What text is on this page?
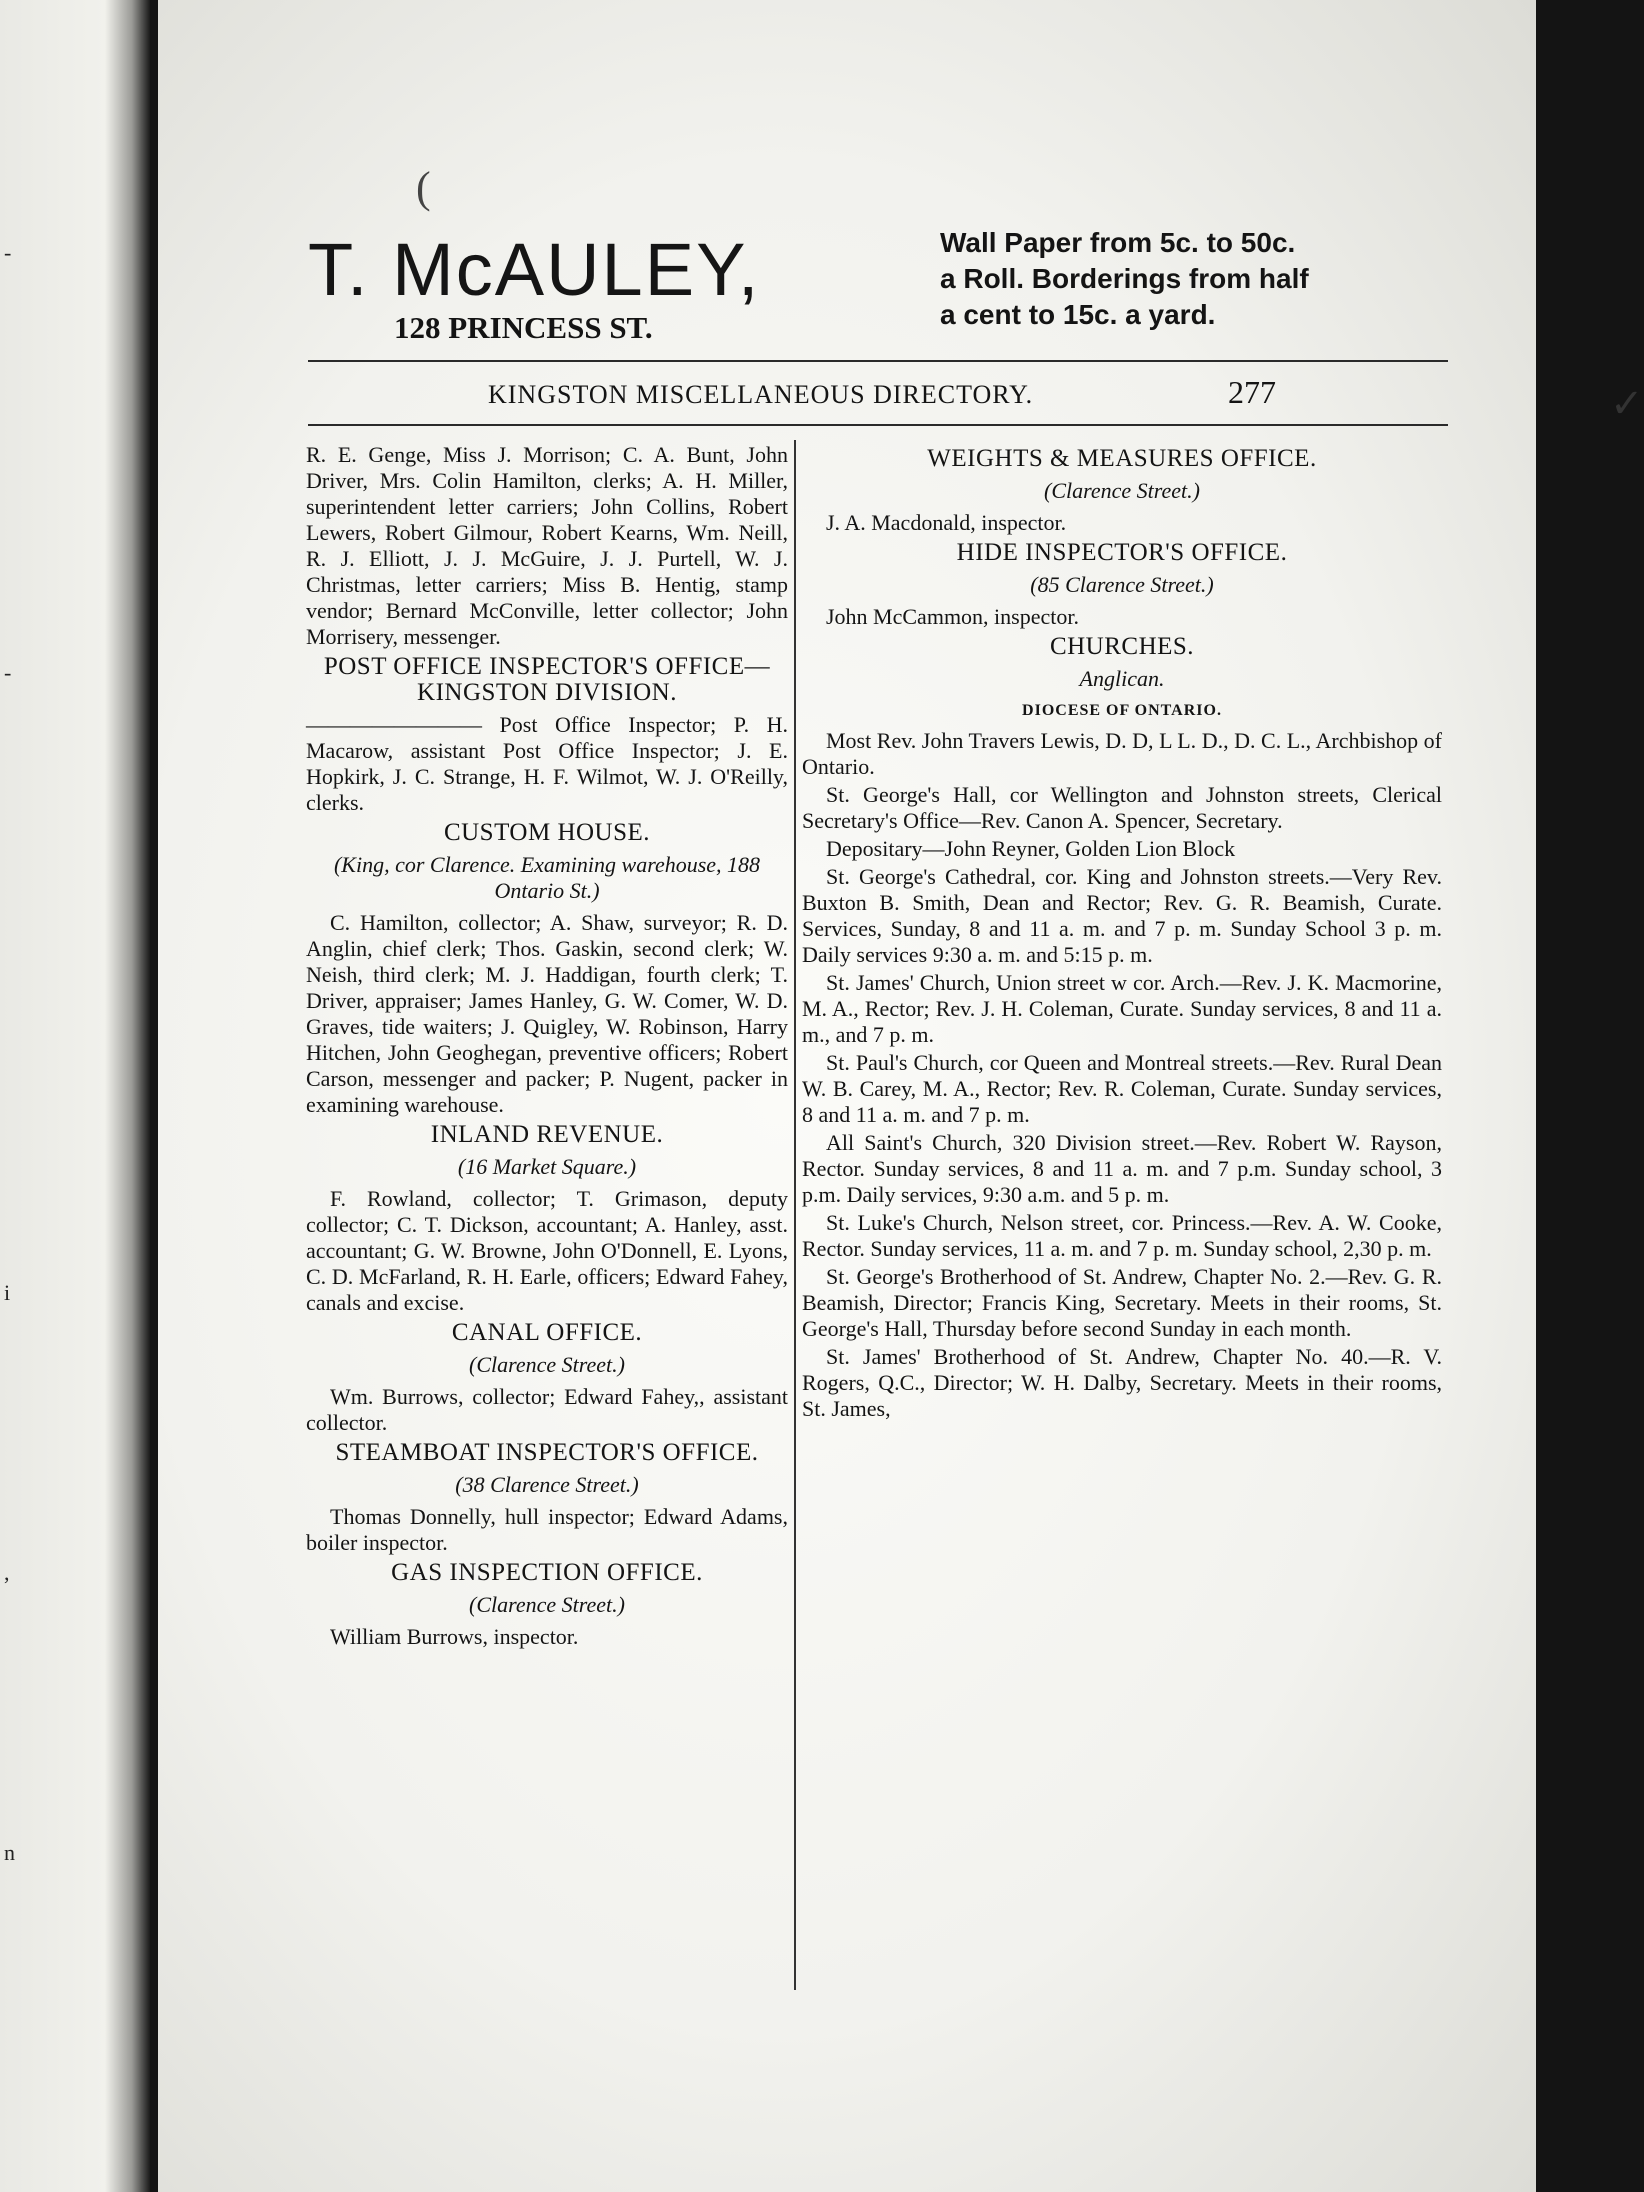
-
-
i
,
n
(
T. McAULEY,
128 PRINCESS ST.
Wall Paper from 5c. to 50c.
a Roll. Borderings from half
a cent to 15c. a yard.
KINGSTON MISCELLANEOUS DIRECTORY.	277	✓

R. E. Genge, Miss J. Morrison; C. A. Bunt, John Driver, Mrs. Colin Hamilton, clerks; A. H. Miller, superintendent letter carriers; John Collins, Robert Lewers, Robert Gilmour, Robert Kearns, Wm. Neill, R. J. Elliott, J. J. McGuire, J. J. Purtell, W. J. Christmas, letter carriers; Miss B. Hentig, stamp vendor; Bernard McConville, letter collector; John Morrisery, messenger.

POST OFFICE INSPECTOR'S OFFICE—KINGSTON DIVISION.

———————— Post Office Inspector; P. H. Macarow, assistant Post Office Inspector; J. E. Hopkirk, J. C. Strange, H. F. Wilmot, W. J. O'Reilly, clerks.

CUSTOM HOUSE.
(King, cor Clarence. Examining warehouse, 188 Ontario St.)

C. Hamilton, collector; A. Shaw, surveyor; R. D. Anglin, chief clerk; Thos. Gaskin, second clerk; W. Neish, third clerk; M. J. Haddigan, fourth clerk; T. Driver, appraiser; James Hanley, G. W. Comer, W. D. Graves, tide waiters; J. Quigley, W. Robinson, Harry Hitchen, John Geoghegan, preventive officers; Robert Carson, messenger and packer; P. Nugent, packer in examining warehouse.

INLAND REVENUE.
(16 Market Square.)

F. Rowland, collector; T. Grimason, deputy collector; C. T. Dickson, accountant; A. Hanley, asst. accountant; G. W. Browne, John O'Donnell, E. Lyons, C. D. McFarland, R. H. Earle, officers; Edward Fahey, canals and excise.

CANAL OFFICE.
(Clarence Street.)

Wm. Burrows, collector; Edward Fahey,, assistant collector.

STEAMBOAT INSPECTOR'S OFFICE.
(38 Clarence Street.)

Thomas Donnelly, hull inspector; Edward Adams, boiler inspector.

GAS INSPECTION OFFICE.
(Clarence Street.)

William Burrows, inspector.

WEIGHTS & MEASURES OFFICE.
(Clarence Street.)

J. A. Macdonald, inspector.

HIDE INSPECTOR'S OFFICE.
(85 Clarence Street.)

John McCammon, inspector.

CHURCHES.
Anglican.
DIOCESE OF ONTARIO.

Most Rev. John Travers Lewis, D. D, L L. D., D. C. L., Archbishop of Ontario.

St. George's Hall, cor Wellington and Johnston streets, Clerical Secretary's Office—Rev. Canon A. Spencer, Secretary.

Depositary—John Reyner, Golden Lion Block

St. George's Cathedral, cor. King and Johnston streets.—Very Rev. Buxton B. Smith, Dean and Rector; Rev. G. R. Beamish, Curate. Services, Sunday, 8 and 11 a. m. and 7 p. m. Sunday School 3 p. m. Daily services 9:30 a. m. and 5:15 p. m.

St. James' Church, Union street w cor. Arch.—Rev. J. K. Macmorine, M. A., Rector; Rev. J. H. Coleman, Curate. Sunday services, 8 and 11 a. m., and 7 p. m.

St. Paul's Church, cor Queen and Montreal streets.—Rev. Rural Dean W. B. Carey, M. A., Rector; Rev. R. Coleman, Curate. Sunday services, 8 and 11 a. m. and 7 p. m.

All Saint's Church, 320 Division street.—Rev. Robert W. Rayson, Rector. Sunday services, 8 and 11 a. m. and 7 p.m. Sunday school, 3 p.m. Daily services, 9:30 a.m. and 5 p. m.

St. Luke's Church, Nelson street, cor. Princess.—Rev. A. W. Cooke, Rector. Sunday services, 11 a. m. and 7 p. m. Sunday school, 2,30 p. m.

St. George's Brotherhood of St. Andrew, Chapter No. 2.—Rev. G. R. Beamish, Director; Francis King, Secretary. Meets in their rooms, St. George's Hall, Thursday before second Sunday in each month.

St. James' Brotherhood of St. Andrew, Chapter No. 40.—R. V. Rogers, Q.C., Director; W. H. Dalby, Secretary. Meets in their rooms, St. James,
